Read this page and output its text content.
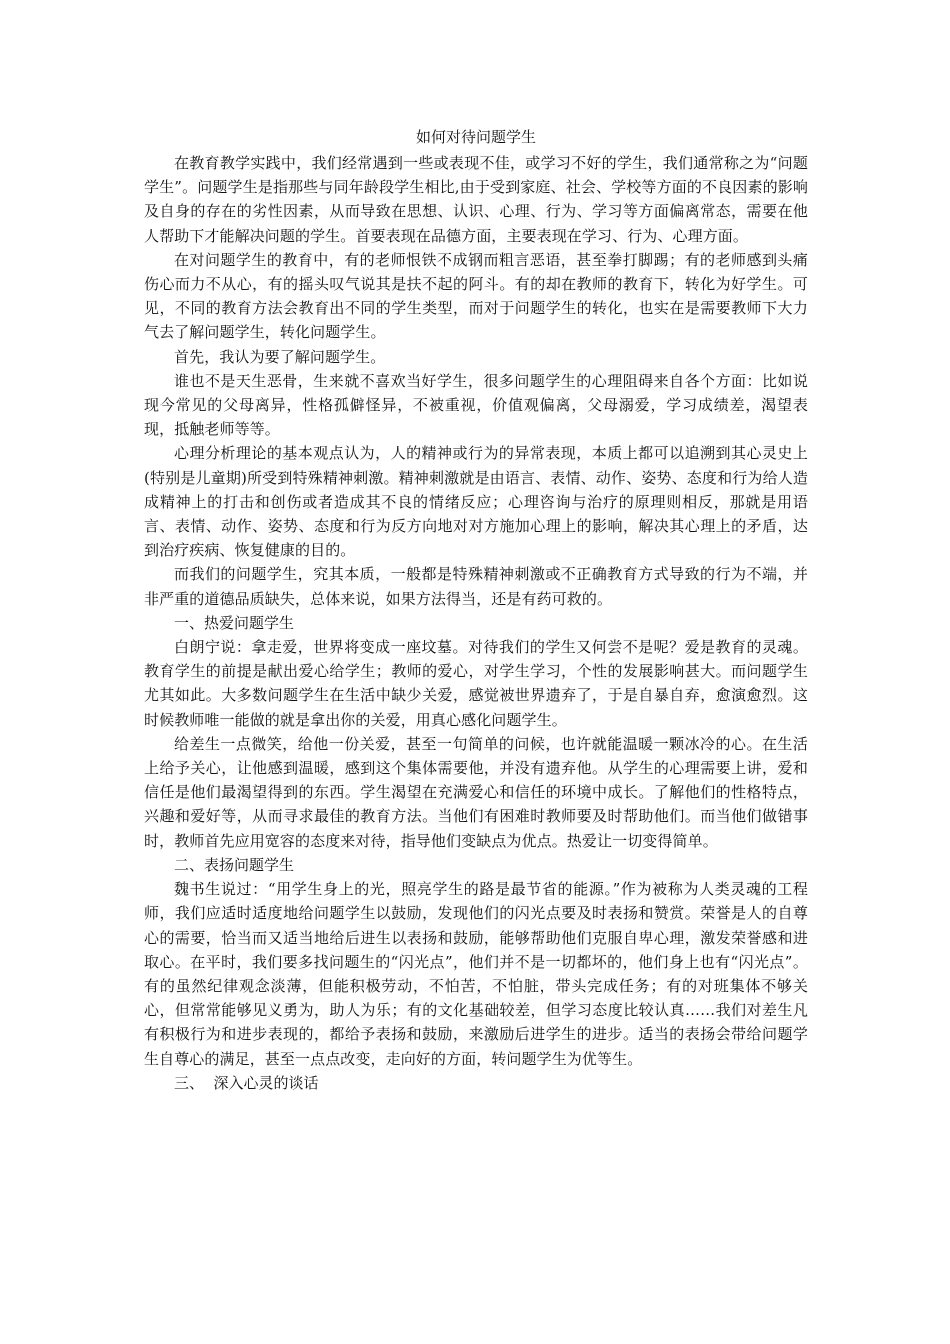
如何对待问题学生

在教育教学实践中，我们经常遇到一些或表现不佳，或学习不好的学生，我们通常称之为“问题学生”。问题学生是指那些与同年龄段学生相比,由于受到家庭、社会、学校等方面的不良因素的影响及自身的存在的劣性因素，从而导致在思想、认识、心理、行为、学习等方面偏离常态，需要在他人帮助下才能解决问题的学生。首要表现在品德方面，主要表现在学习、行为、心理方面。

在对问题学生的教育中，有的老师恨铁不成钢而粗言恶语，甚至拳打脚踢；有的老师感到头痛伤心而力不从心，有的摇头叹气说其是扶不起的阿斗。有的却在教师的教育下，转化为好学生。可见，不同的教育方法会教育出不同的学生类型，而对于问题学生的转化，也实在是需要教师下大力气去了解问题学生，转化问题学生。

首先，我认为要了解问题学生。

谁也不是天生恶骨，生来就不喜欢当好学生，很多问题学生的心理阻碍来自各个方面：比如说现今常见的父母离异，性格孤僻怪异，不被重视，价值观偏离，父母溺爱，学习成绩差，渴望表现，抵触老师等等。

心理分析理论的基本观点认为，人的精神或行为的异常表现，本质上都可以追溯到其心灵史上(特别是儿童期)所受到特殊精神刺激。精神刺激就是由语言、表情、动作、姿势、态度和行为给人造成精神上的打击和创伤或者造成其不良的情绪反应；心理咨询与治疗的原理则相反，那就是用语言、表情、动作、姿势、态度和行为反方向地对对方施加心理上的影响，解决其心理上的矛盾，达到治疗疾病、恢复健康的目的。

而我们的问题学生，究其本质，一般都是特殊精神刺激或不正确教育方式导致的行为不端，并非严重的道德品质缺失，总体来说，如果方法得当，还是有药可救的。

一、热爱问题学生

白朗宁说：拿走爱，世界将变成一座坟墓。对待我们的学生又何尝不是呢？爱是教育的灵魂。教育学生的前提是献出爱心给学生；教师的爱心，对学生学习，个性的发展影响甚大。而问题学生尤其如此。大多数问题学生在生活中缺少关爱，感觉被世界遗弃了，于是自暴自弃，愈演愈烈。这时候教师唯一能做的就是拿出你的关爱，用真心感化问题学生。

给差生一点微笑，给他一份关爱，甚至一句简单的问候，也许就能温暖一颗冰冷的心。在生活上给予关心，让他感到温暖，感到这个集体需要他，并没有遗弃他。从学生的心理需要上讲，爱和信任是他们最渴望得到的东西。学生渴望在充满爱心和信任的环境中成长。了解他们的性格特点，兴趣和爱好等，从而寻求最佳的教育方法。当他们有困难时教师要及时帮助他们。而当他们做错事时，教师首先应用宽容的态度来对待，指导他们变缺点为优点。热爱让一切变得简单。

二、表扬问题学生

魏书生说过：“用学生身上的光，照亮学生的路是最节省的能源。”作为被称为人类灵魂的工程师，我们应适时适度地给问题学生以鼓励，发现他们的闪光点要及时表扬和赞赏。荣誉是人的自尊心的需要，恰当而又适当地给后进生以表扬和鼓励，能够帮助他们克服自卑心理，激发荣誉感和进取心。在平时，我们要多找问题生的“闪光点”，他们并不是一切都坏的，他们身上也有“闪光点”。有的虽然纪律观念淡薄，但能积极劳动，不怕苦，不怕脏，带头完成任务；有的对班集体不够关心，但常常能够见义勇为，助人为乐；有的文化基础较差，但学习态度比较认真……我们对差生凡有积极行为和进步表现的，都给予表扬和鼓励，来激励后进学生的进步。适当的表扬会带给问题学生自尊心的满足，甚至一点点改变，走向好的方面，转问题学生为优等生。

三、  深入心灵的谈话
